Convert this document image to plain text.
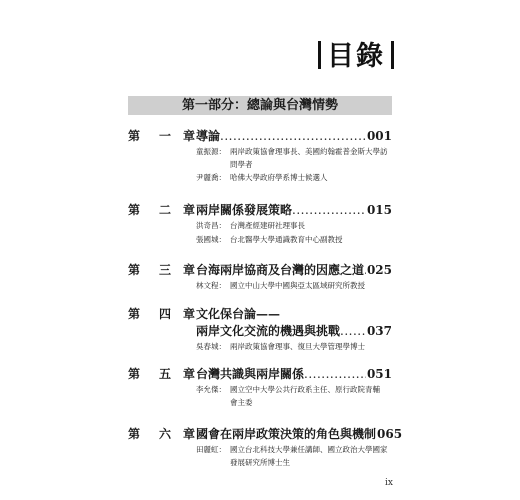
目錄
第一部分：總論與台灣情勢
第 一 章 導論 .....	001
童振源： 兩岸政策協會理事長、美國約翰霍普金斯大學訪問學者
尹麗喬： 哈佛大學政府學系博士候選人
第 二 章 兩岸關係發展策略 .....	015
洪奇昌： 台灣產經建研社理事長
張國城： 台北醫學大學通識教育中心副教授
第 三 章 台海兩岸協商及台灣的因應之道 ..... 025
林文程： 國立中山大學中國與亞太區域研究所教授
第 四 章 文化保台論——
兩岸文化交流的機遇與挑戰 ..... 037
吳春城： 兩岸政策協會理事、復旦大學管理學博士
第 五 章 台灣共識與兩岸關係 .....	051
李允傑： 國立空中大學公共行政系主任、原行政院青輔會主委
第 六 章 國會在兩岸政策決策的角色與機制 065
田麗虹： 國立台北科技大學兼任講師、國立政治大學國家發展研究所博士生
ix
